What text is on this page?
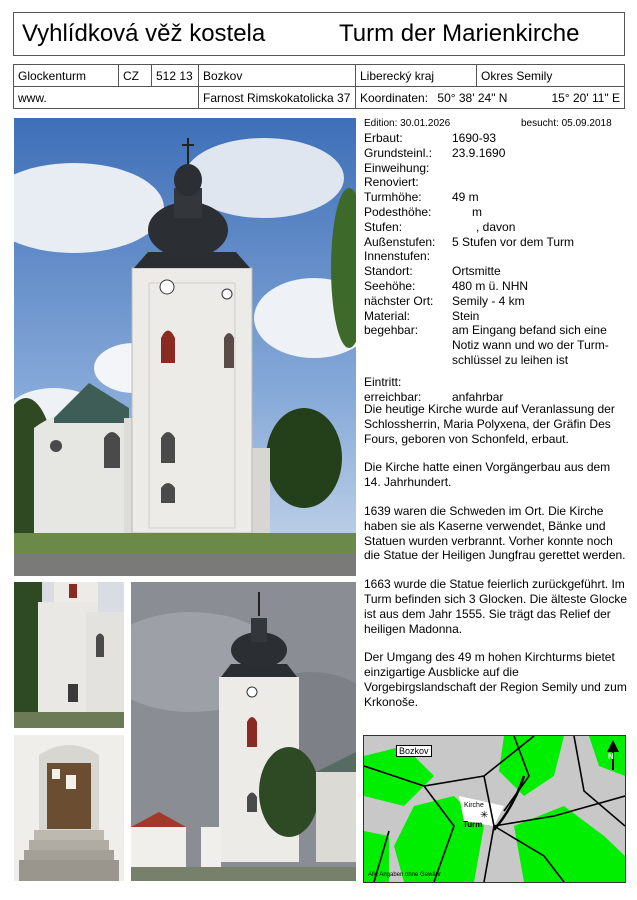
Vyhlídková věž kostela	Turm der Marienkirche
Glockenturm	CZ	512 13	Bozkov	Liberecký kraj	Okres Semily
www.			Farnost Rimskokatolicka 37	Koordinaten: 50° 38' 24" N 15° 20' 11" E	
Edition: 30.01.2026	besucht: 05.09.2018
Erbaut:	1690-93
Grundsteinl.: 23.9.1690
Einweihung:
Renoviert:
Turmhöhe:	49 m
Podesthöhe:	m
Stufen:	, davon
Außenstufen: 5 Stufen vor dem Turm
Innenstufen:
Standort:	Ortsmitte
Seehöhe:	480 m ü. NHN
nächster Ort: Semily - 4 km
Material:	Stein
begehbar:	am Eingang befand sich eine
Notiz wann und wo der Turm-
schlüssel zu leihen ist
Eintritt:
erreichbar:	anfahrbar

Die heutige Kirche wurde auf Veranlassung der Schlossherrin, Maria Polyxena, der Gräfin Des Fours, geboren von Schonfeld, erbaut.

Die Kirche hatte einen Vorgängerbau aus dem 14. Jahrhundert.

1639 waren die Schweden im Ort. Die Kirche haben sie als Kaserne verwendet, Bänke und Statuen wurden verbrannt. Vorher konnte noch die Statue der Heiligen Jungfrau gerettet werden.

1663 wurde die Statue feierlich zurückgeführt. Im Turm befinden sich 3 Glocken. Die älteste Glocke ist aus dem Jahr 1555. Sie trägt das Relief der heiligen Madonna.

Der Umgang des 49 m hohen Kirchturms bietet einzigartige Ausblicke auf die Vorgebirgslandschaft der Region Semily und zum Krkonoše.

Bozkov
Kirche
Turm
✳
N
Alle Angaben ohne Gewähr
